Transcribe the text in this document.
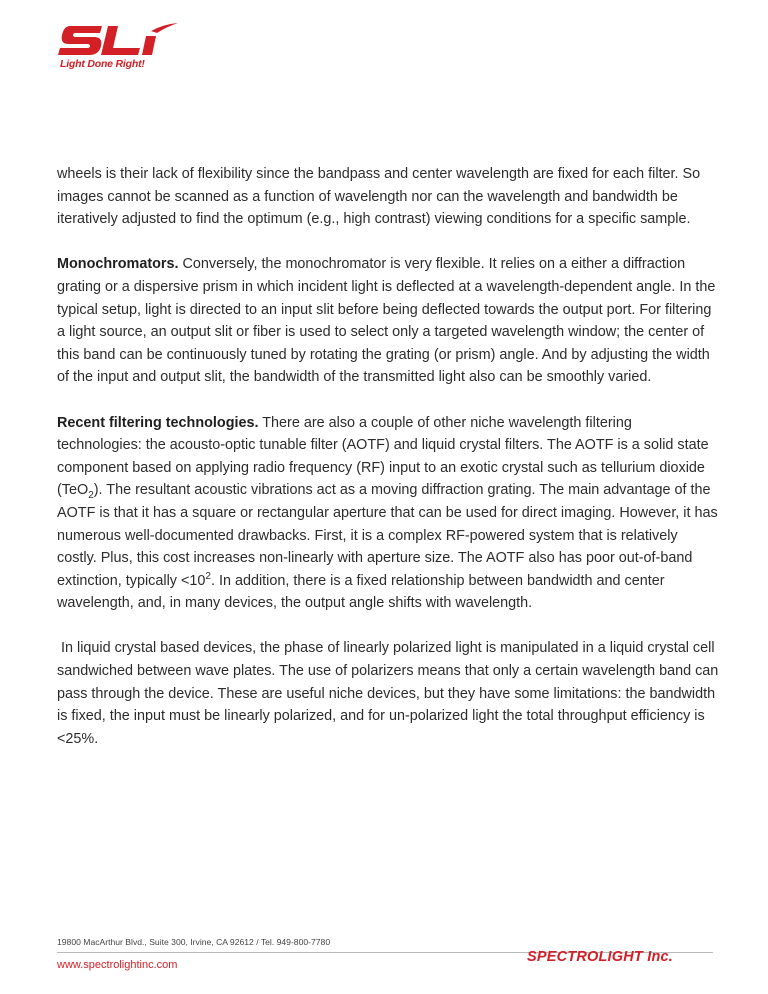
Light Done Right!

wheels is their lack of flexibility since the bandpass and center wavelength are fixed for each filter. So images cannot be scanned as a function of wavelength nor can the wavelength and bandwidth be iteratively adjusted to find the optimum (e.g., high contrast) viewing conditions for a specific sample.

Monochromators. Conversely, the monochromator is very flexible. It relies on a either a diffraction grating or a dispersive prism in which incident light is deflected at a wavelength-dependent angle. In the typical setup, light is directed to an input slit before being deflected towards the output port. For filtering a light source, an output slit or fiber is used to select only a targeted wavelength window; the center of this band can be continuously tuned by rotating the grating (or prism) angle. And by adjusting the width of the input and output slit, the bandwidth of the transmitted light also can be smoothly varied.

Recent filtering technologies. There are also a couple of other niche wavelength filtering technologies: the acousto-optic tunable filter (AOTF) and liquid crystal filters. The AOTF is a solid state component based on applying radio frequency (RF) input to an exotic crystal such as tellurium dioxide (TeO$_2$). The resultant acoustic vibrations act as a moving diffraction grating. The main advantage of the AOTF is that it has a square or rectangular aperture that can be used for direct imaging. However, it has numerous well-documented drawbacks. First, it is a complex RF-powered system that is relatively costly. Plus, this cost increases non-linearly with aperture size. The AOTF also has poor out-of-band extinction, typically $<10^2$. In addition, there is a fixed relationship between bandwidth and center wavelength, and, in many devices, the output angle shifts with wavelength.

In liquid crystal based devices, the phase of linearly polarized light is manipulated in a liquid crystal cell sandwiched between wave plates. The use of polarizers means that only a certain wavelength band can pass through the device. These are useful niche devices, but they have some limitations: the bandwidth is fixed, the input must be linearly polarized, and for un-polarized light the total throughput efficiency is <25%.

19800 MacArthur Blvd., Suite 300, Irvine, CA 92612 / Tel. 949-800-7780
www.spectrolightinc.com	SPECTROLIGHT Inc.
